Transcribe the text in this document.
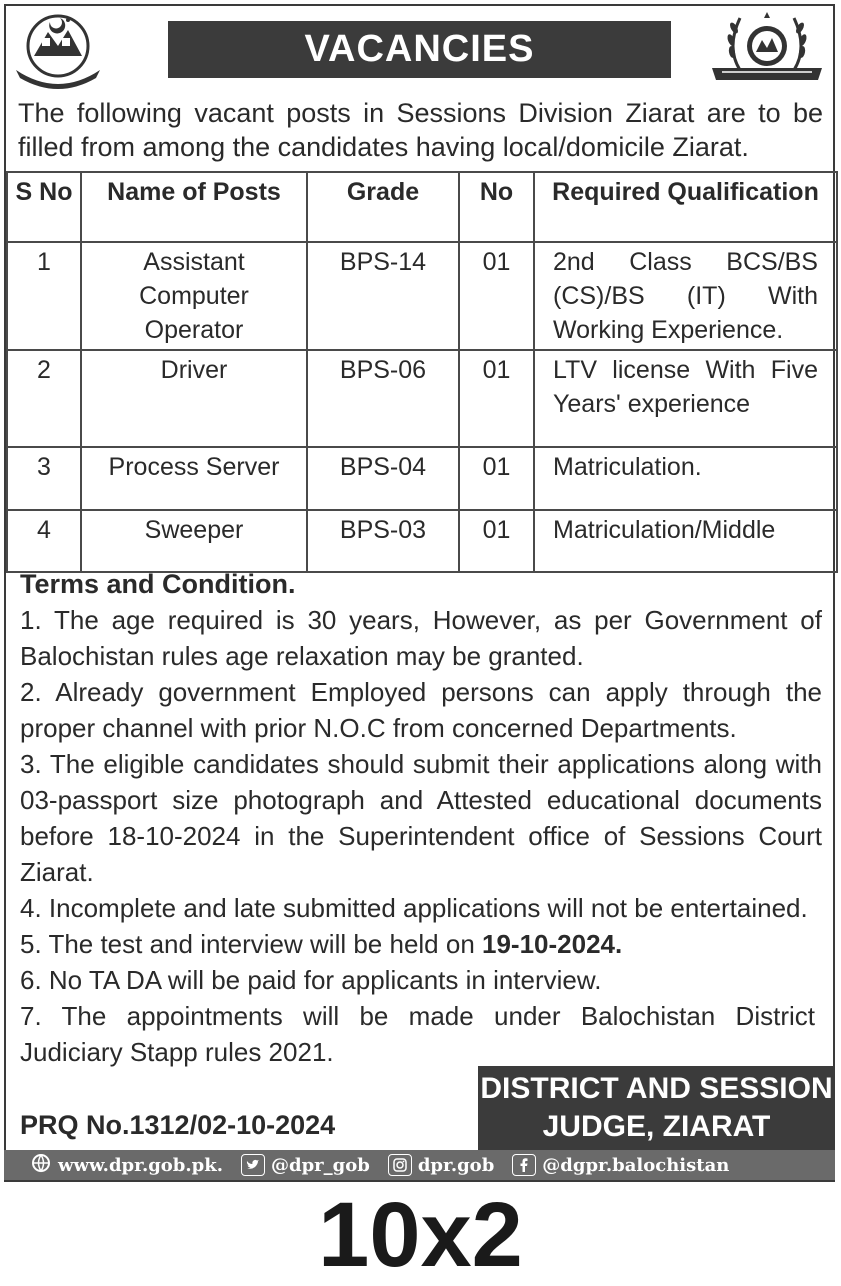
VACANCIES

The following vacant posts in Sessions Division Ziarat are to be filled from among the candidates having local/domicile Ziarat.

S No	Name of Posts	Grade	No	Required Qualification
1	Assistant Computer Operator	BPS-14	01	2nd Class BCS/BS (CS)/BS (IT) With Working Experience.
2	Driver	BPS-06	01	LTV license With Five Years' experience
3	Process Server	BPS-04	01	Matriculation.
4	Sweeper	BPS-03	01	Matriculation/Middle
Terms and Condition.
1. The age required is 30 years, However, as per Government of Balochistan rules age relaxation may be granted.
2. Already government Employed persons can apply through the proper channel with prior N.O.C from concerned Departments.
3. The eligible candidates should submit their applications along with 03-passport size photograph and Attested educational documents before 18-10-2024 in the Superintendent office of Sessions Court Ziarat.
4. Incomplete and late submitted applications will not be entertained.
5. The test and interview will be held on 19-10-2024.
6. No TA DA will be paid for applicants in interview.
7. The appointments will be made under Balochistan District Judiciary Stapp rules 2021.
DISTRICT AND SESSION
JUDGE, ZIARAT
PRQ No.1312/02-10-2024
www.dpr.gob.pk.	@dpr_gob	dpr.gob	@dgpr.balochistan
10x2
